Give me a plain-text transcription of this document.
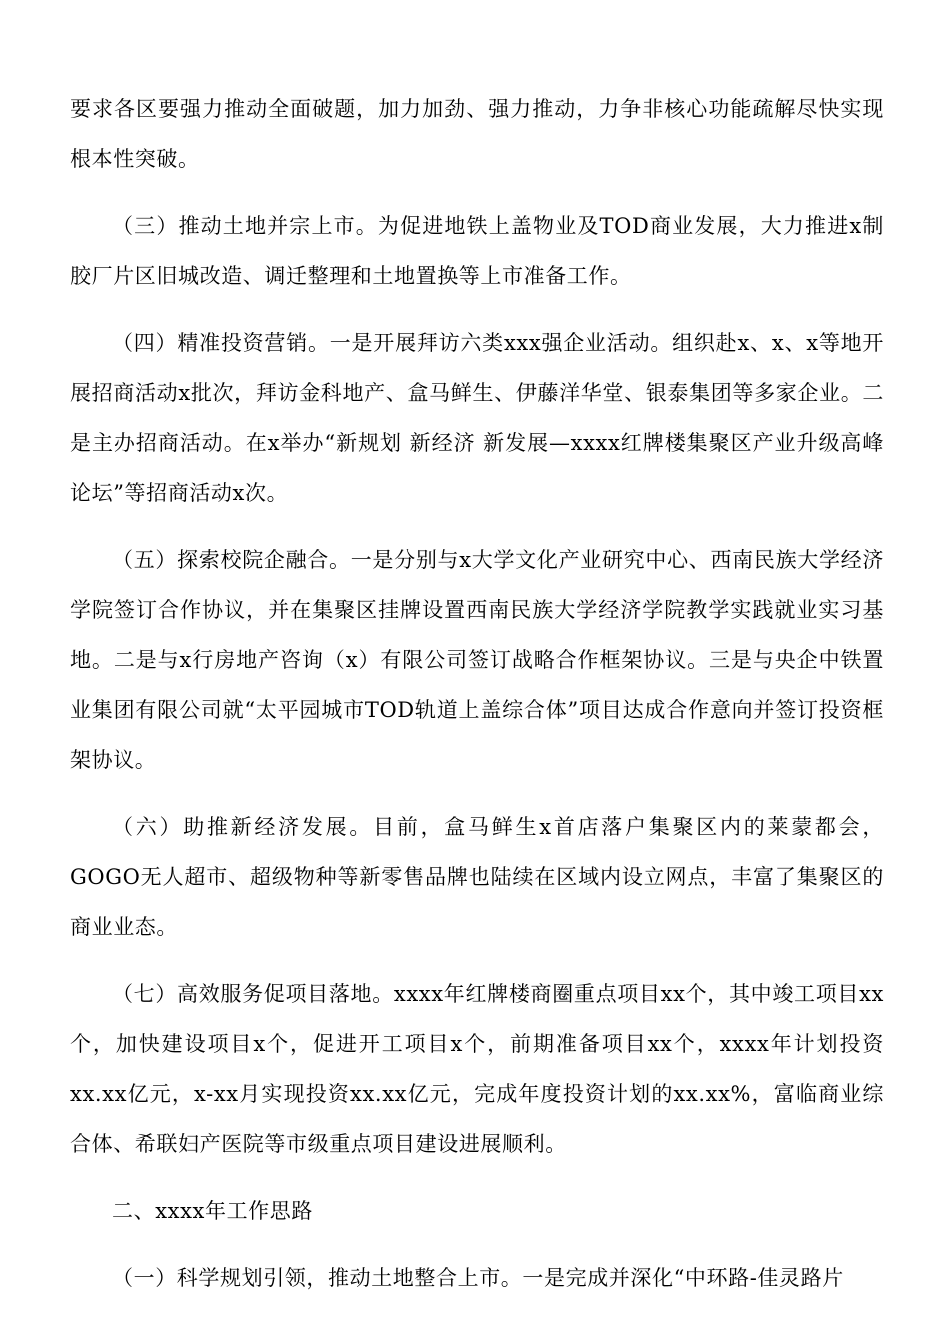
要求各区要强力推动全面破题，加力加劲、强力推动，力争非核心功能疏解尽快实现根本性突破。

（三）推动土地并宗上市。为促进地铁上盖物业及TOD商业发展，大力推进x制胶厂片区旧城改造、调迁整理和土地置换等上市准备工作。

（四）精准投资营销。一是开展拜访六类xxx强企业活动。组织赴x、x、x等地开展招商活动x批次，拜访金科地产、盒马鲜生、伊藤洋华堂、银泰集团等多家企业。二是主办招商活动。在x举办“新规划 新经济 新发展—xxxx红牌楼集聚区产业升级高峰论坛”等招商活动x次。

（五）探索校院企融合。一是分别与x大学文化产业研究中心、西南民族大学经济学院签订合作协议，并在集聚区挂牌设置西南民族大学经济学院教学实践就业实习基地。二是与x行房地产咨询（x）有限公司签订战略合作框架协议。三是与央企中铁置业集团有限公司就“太平园城市TOD轨道上盖综合体”项目达成合作意向并签订投资框架协议。

（六）助推新经济发展。目前，盒马鲜生x首店落户集聚区内的莱蒙都会，GOGO无人超市、超级物种等新零售品牌也陆续在区域内设立网点，丰富了集聚区的商业业态。

（七）高效服务促项目落地。xxxx年红牌楼商圈重点项目xx个，其中竣工项目xx个，加快建设项目x个，促进开工项目x个，前期准备项目xx个，xxxx年计划投资xx.xx亿元，x-xx月实现投资xx.xx亿元，完成年度投资计划的xx.xx%，富临商业综合体、希联妇产医院等市级重点项目建设进展顺利。

二、xxxx年工作思路

（一）科学规划引领，推动土地整合上市。一是完成并深化“中环路-佳灵路片
